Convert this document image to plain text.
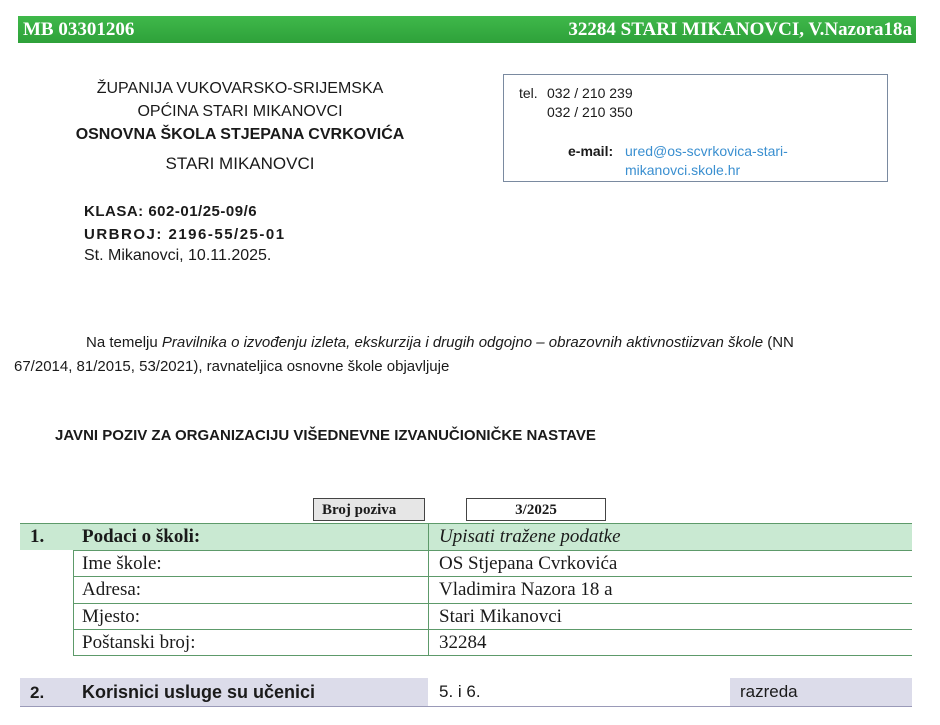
MB 03301206	32284 STARI MIKANOVCI, V.Nazora18a
ŽUPANIJA VUKOVARSKO-SRIJEMSKA
OPĆINA STARI MIKANOVCI
OSNOVNA ŠKOLA STJEPANA CVRKOVIĆA
STARI MIKANOVCI
tel. 032 / 210 239
032 / 210 350
e-mail: ured@os-scvrkovica-stari-
mikanovci.skole.hr
KLASA: 602-01/25-09/6
URBROJ: 2196-55/25-01
St. Mikanovci, 10.11.2025.
Na temelju Pravilnika o izvođenju izleta, ekskurzija i drugih odgojno – obrazovnih aktivnostiizvan škole (NN
67/2014, 81/2015, 53/2021), ravnateljica osnovne škole objavljuje
JAVNI POZIV ZA ORGANIZACIJU VIŠEDNEVNE IZVANUČIONIČKE NASTAVE
Broj poziva	3/2025
1. Podaci o školi:	Upisati tražene podatke
Ime škole:	OS Stjepana Cvrkovića
Adresa:	Vladimira Nazora 18 a
Mjesto:	Stari Mikanovci
Poštanski broj:	32284
2. Korisnici usluge su učenici	5. i 6.	razreda
